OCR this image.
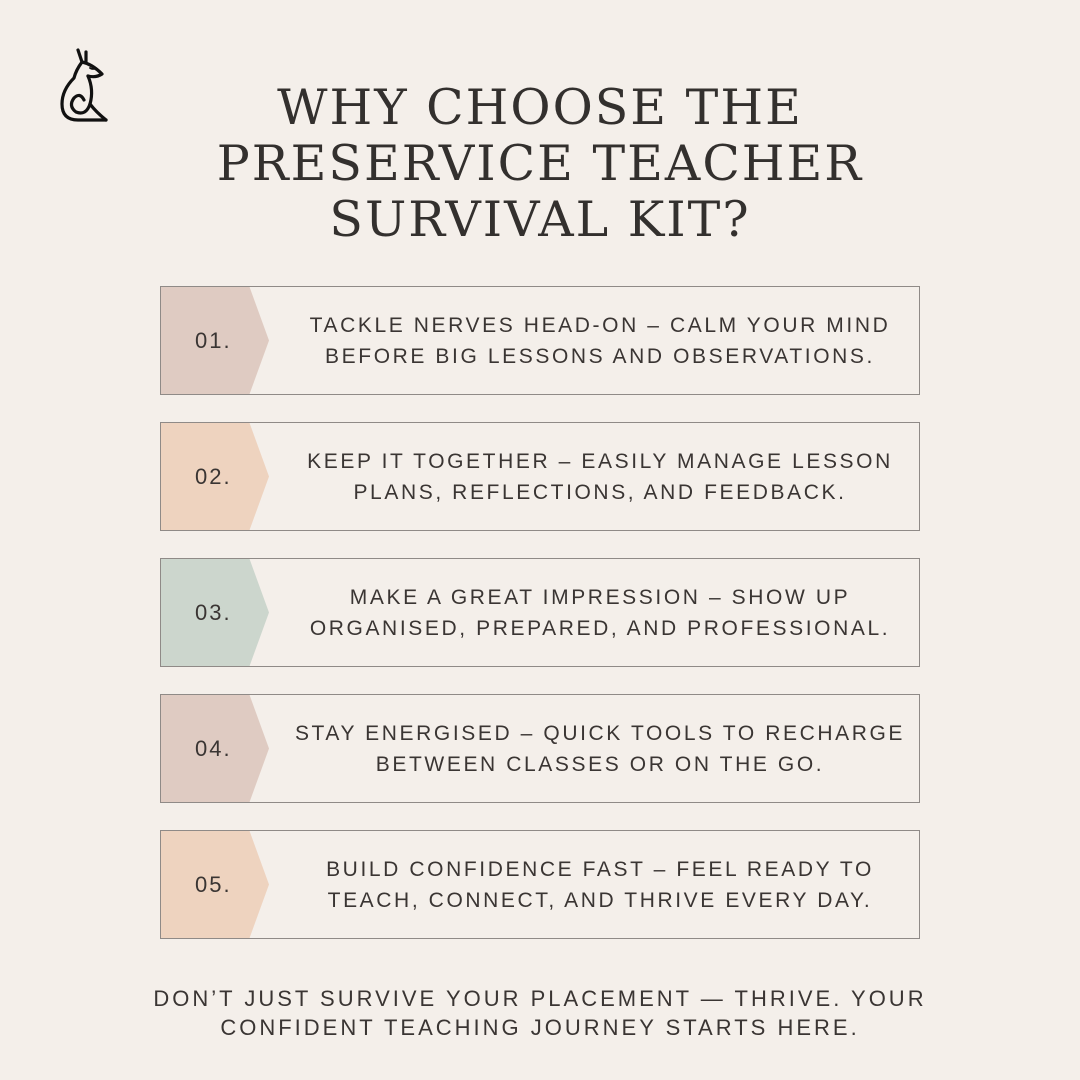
WHY CHOOSE THE
PRESERVICE TEACHER
SURVIVAL KIT?
01.
TACKLE NERVES HEAD-ON – CALM YOUR MIND BEFORE BIG LESSONS AND OBSERVATIONS.
02.
KEEP IT TOGETHER – EASILY MANAGE LESSON PLANS, REFLECTIONS, AND FEEDBACK.
03.
MAKE A GREAT IMPRESSION – SHOW UP ORGANISED, PREPARED, AND PROFESSIONAL.
04.
STAY ENERGISED – QUICK TOOLS TO RECHARGE BETWEEN CLASSES OR ON THE GO.
05.
BUILD CONFIDENCE FAST – FEEL READY TO TEACH, CONNECT, AND THRIVE EVERY DAY.
DON’T JUST SURVIVE YOUR PLACEMENT — THRIVE. YOUR
CONFIDENT TEACHING JOURNEY STARTS HERE.
